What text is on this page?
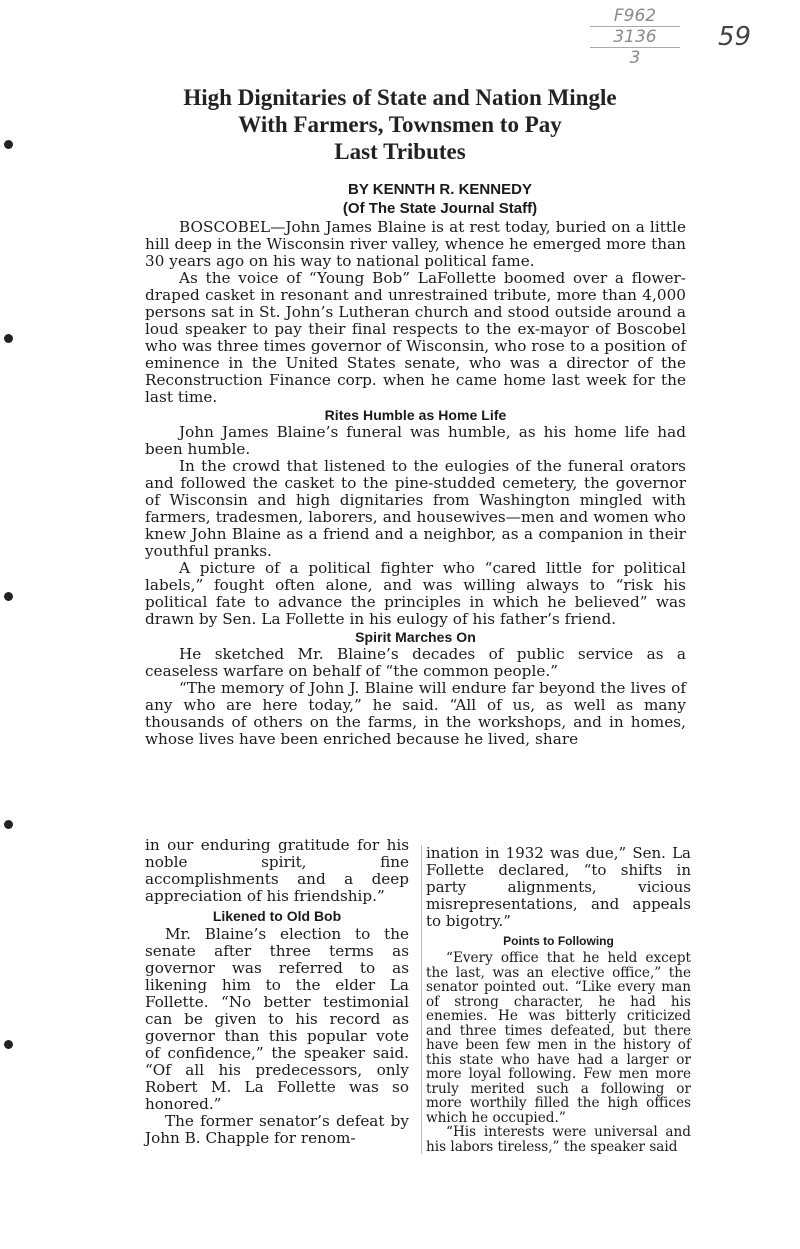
F962
3136
3
59
High Dignitaries of State and Nation Mingle
With Farmers, Townsmen to Pay
Last Tributes
BY KENNTH R. KENNEDY
(Of The State Journal Staff)

BOSCOBEL—John James Blaine is at rest today, buried on a little hill deep in the Wisconsin river valley, whence he emerged more than 30 years ago on his way to national political fame.

As the voice of “Young Bob” LaFollette boomed over a flower-draped casket in resonant and unrestrained tribute, more than 4,000 persons sat in St. John’s Lutheran church and stood outside around a loud speaker to pay their final respects to the ex-mayor of Boscobel who was three times governor of Wisconsin, who rose to a position of eminence in the United States senate, who was a director of the Reconstruction Finance corp. when he came home last week for the last time.

Rites Humble as Home Life

John James Blaine’s funeral was humble, as his home life had been humble.

In the crowd that listened to the eulogies of the funeral orators and followed the casket to the pine-studded cemetery, the governor of Wisconsin and high dignitaries from Washington mingled with farmers, tradesmen, laborers, and housewives—men and women who knew John Blaine as a friend and a neighbor, as a companion in their youthful pranks.

A picture of a political fighter who “cared little for political labels,” fought often alone, and was willing always to “risk his political fate to advance the principles in which he believed” was drawn by Sen. La Follette in his eulogy of his father’s friend.

Spirit Marches On

He sketched Mr. Blaine’s decades of public service as a ceaseless warfare on behalf of “the common people.”

“The memory of John J. Blaine will endure far beyond the lives of any who are here today,” he said. “All of us, as well as many thousands of others on the farms, in the workshops, and in homes, whose lives have been enriched because he lived, share

in our enduring gratitude for his noble spirit, fine accomplishments and a deep appreciation of his friendship.”

Likened to Old Bob

Mr. Blaine’s election to the senate after three terms as governor was referred to as likening him to the elder La Follette. “No better testimonial can be given to his record as governor than this popular vote of confidence,” the speaker said. “Of all his predecessors, only Robert M. La Follette was so honored.”

The former senator’s defeat by John B. Chapple for renom-

ination in 1932 was due,” Sen. La Follette declared, “to shifts in party alignments, vicious misrepresentations, and appeals to bigotry.”

Points to Following

“Every office that he held except the last, was an elective office,” the senator pointed out. “Like every man of strong character, he had his enemies. He was bitterly criticized and three times defeated, but there have been few men in the history of this state who have had a larger or more loyal following. Few men more truly merited such a following or more worthily filled the high offices which he occupied.”

“His interests were universal and his labors tireless,” the speaker said
